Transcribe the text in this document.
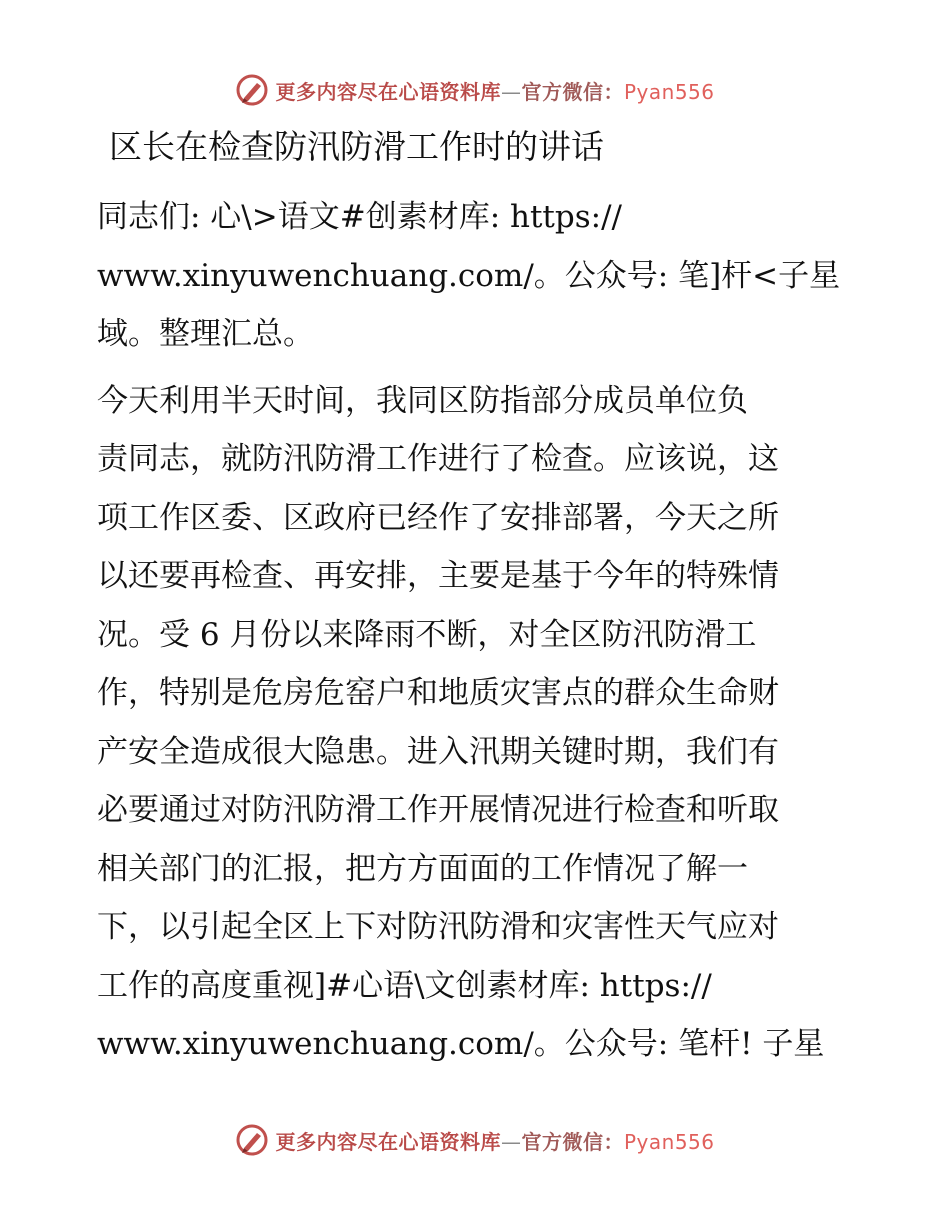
更多内容尽在心语资料库—官方微信：Pyan556
区长在检查防汛防滑工作时的讲话

同志们: 心\>语文#创素材库: https://
www.xinyuwenchuang.com/。公众号: 笔]杆<子星
域。整理汇总。

今天利用半天时间，我同区防指部分成员单位负
责同志，就防汛防滑工作进行了检查。应该说，这
项工作区委、区政府已经作了安排部署，今天之所
以还要再检查、再安排，主要是基于今年的特殊情
况。受 6 月份以来降雨不断，对全区防汛防滑工
作，特别是危房危窑户和地质灾害点的群众生命财
产安全造成很大隐患。进入汛期关键时期，我们有
必要通过对防汛防滑工作开展情况进行检查和听取
相关部门的汇报，把方方面面的工作情况了解一
下，以引起全区上下对防汛防滑和灾害性天气应对
工作的高度重视]#心语\文创素材库: https://
www.xinyuwenchuang.com/。公众号: 笔杆! 子星

更多内容尽在心语资料库—官方微信：Pyan556
